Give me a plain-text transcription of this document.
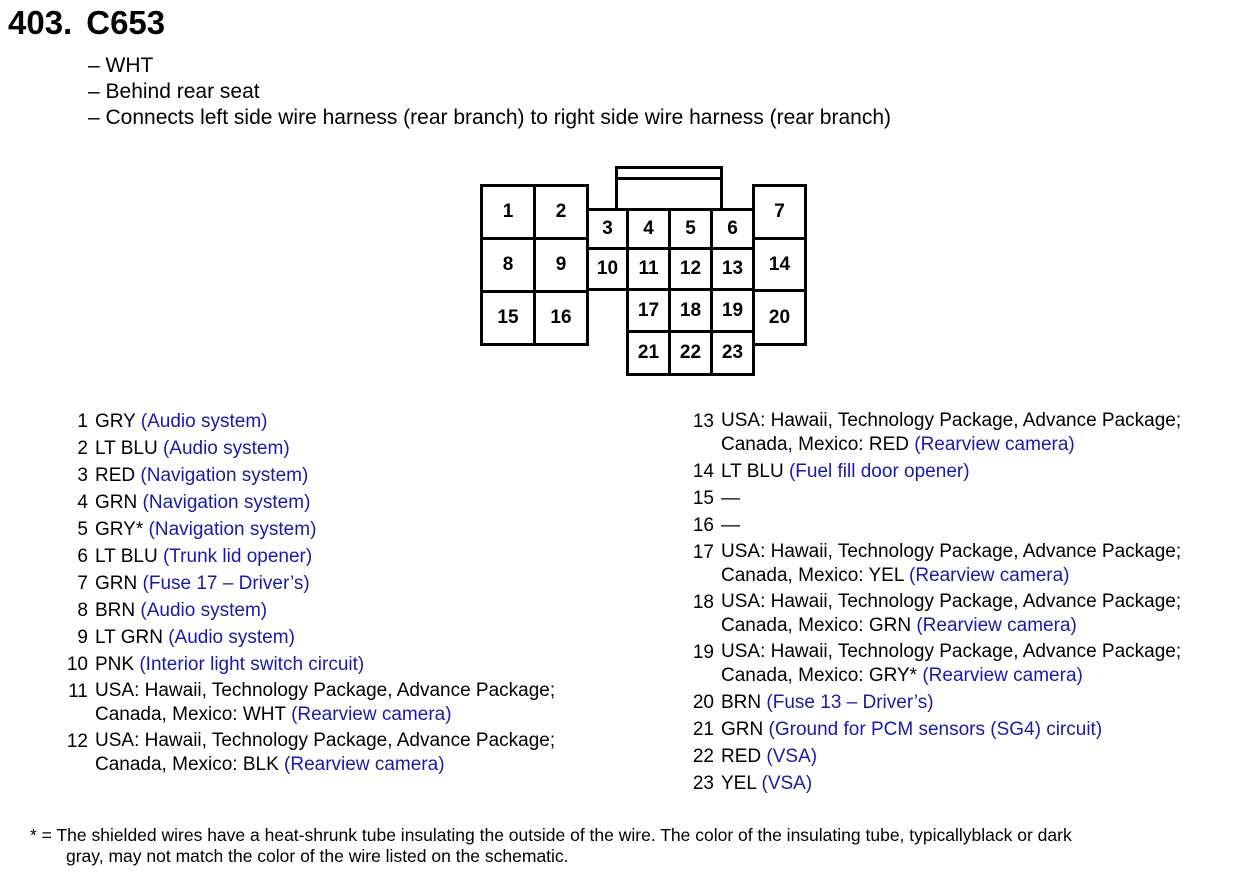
403. C653
– WHT
– Behind rear seat
– Connects left side wire harness (rear branch) to right side wire harness (rear branch)
1 2
8 9
15 16
3 4 5 6
10 11 12 13
17 18 19
21 22 23
7
14
20
1 GRY (Audio system)
2 LT BLU (Audio system)
3 RED (Navigation system)
4 GRN (Navigation system)
5 GRY* (Navigation system)
6 LT BLU (Trunk lid opener)
7 GRN (Fuse 17 – Driver’s)
8 BRN (Audio system)
9 LT GRN (Audio system)
10 PNK (Interior light switch circuit)
11 USA: Hawaii, Technology Package, Advance Package;
Canada, Mexico: WHT (Rearview camera)
12 USA: Hawaii, Technology Package, Advance Package;
Canada, Mexico: BLK (Rearview camera)
13 USA: Hawaii, Technology Package, Advance Package;
Canada, Mexico: RED (Rearview camera)
14 LT BLU (Fuel fill door opener)
15 —
16 —
17 USA: Hawaii, Technology Package, Advance Package;
Canada, Mexico: YEL (Rearview camera)
18 USA: Hawaii, Technology Package, Advance Package;
Canada, Mexico: GRN (Rearview camera)
19 USA: Hawaii, Technology Package, Advance Package;
Canada, Mexico: GRY* (Rearview camera)
20 BRN (Fuse 13 – Driver’s)
21 GRN (Ground for PCM sensors (SG4) circuit)
22 RED (VSA)
23 YEL (VSA)
* = The shielded wires have a heat-shrunk tube insulating the outside of the wire. The color of the insulating tube, typicallyblack or dark
gray, may not match the color of the wire listed on the schematic.
